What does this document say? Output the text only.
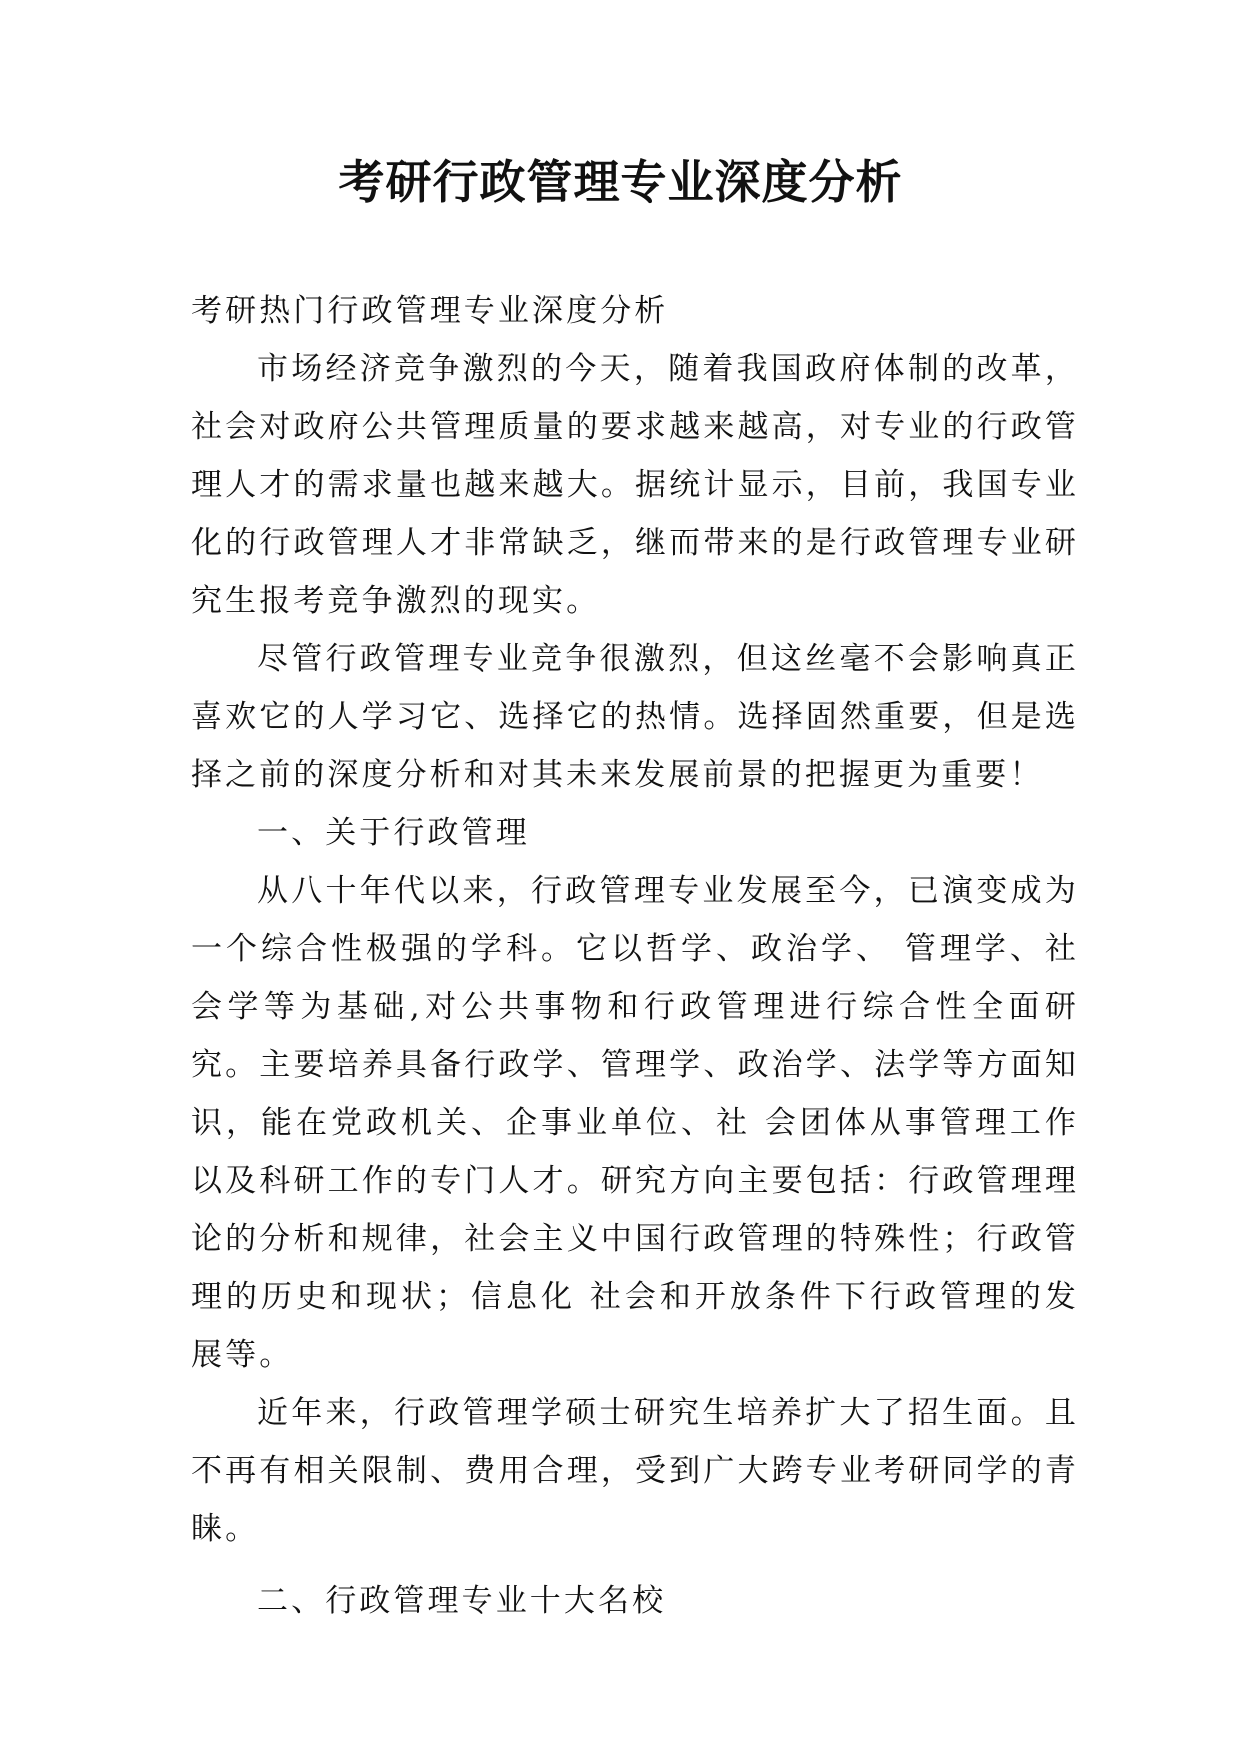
考研行政管理专业深度分析

考研热门行政管理专业深度分析

市场经济竞争激烈的今天，随着我国政府体制的改革，社会对政府公共管理质量的要求越来越高，对专业的行政管理人才的需求量也越来越大。据统计显示，目前，我国专业化的行政管理人才非常缺乏，继而带来的是行政管理专业研究生报考竞争激烈的现实。

尽管行政管理专业竞争很激烈，但这丝毫不会影响真正喜欢它的人学习它、选择它的热情。选择固然重要，但是选择之前的深度分析和对其未来发展前景的把握更为重要！

一、关于行政管理

从八十年代以来，行政管理专业发展至今，已演变成为一个综合性极强的学科。它以哲学、政治学、 管理学、社会学等为基础,对公共事物和行政管理进行综合性全面研究。主要培养具备行政学、管理学、政治学、法学等方面知识，能在党政机关、企事业单位、社 会团体从事管理工作以及科研工作的专门人才。研究方向主要包括：行政管理理论的分析和规律，社会主义中国行政管理的特殊性；行政管理的历史和现状；信息化 社会和开放条件下行政管理的发展等。

近年来，行政管理学硕士研究生培养扩大了招生面。且不再有相关限制、费用合理，受到广大跨专业考研同学的青睐。

二、行政管理专业十大名校
